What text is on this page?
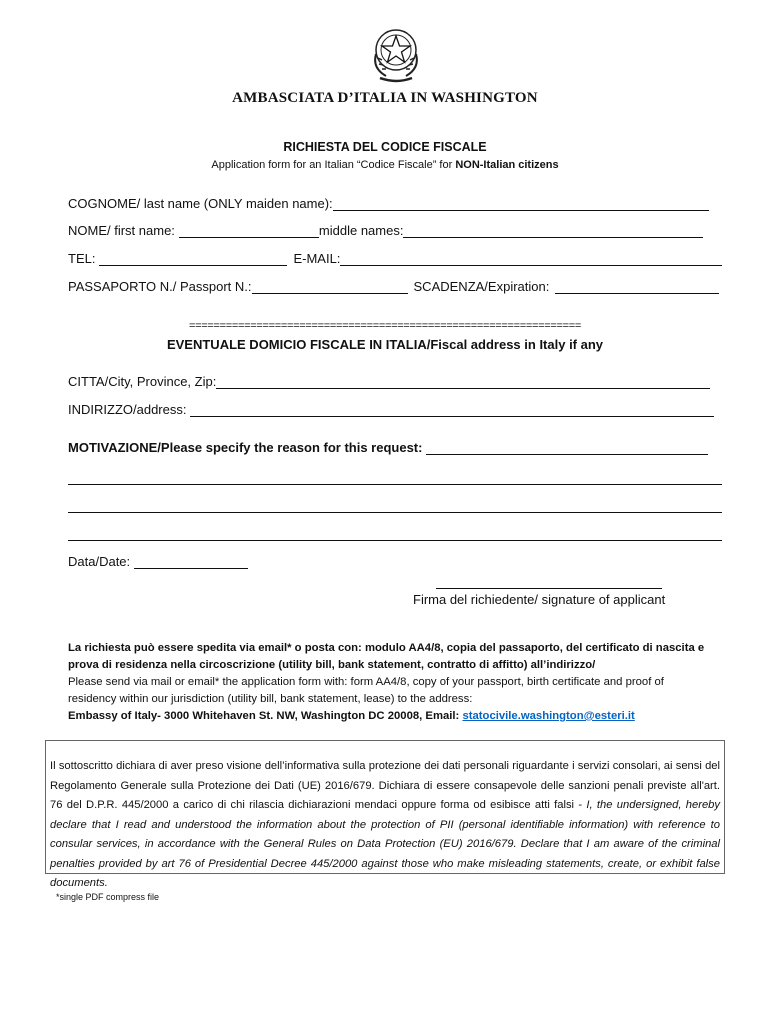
AMBASCIATA D’ITALIA IN WASHINGTON
RICHIESTA DEL CODICE FISCALE
Application form for an Italian “Codice Fiscale” for NON-Italian citizens
COGNOME/ last name (ONLY maiden name):
NOME/ first name:	middle names:
TEL:	E-MAIL:
PASSAPORTO N./ Passport N.:	SCADENZA/Expiration:
================================================================
EVENTUALE DOMICIO FISCALE IN ITALIA/Fiscal address in Italy if any
CITTA/City, Province, Zip:
INDIRIZZO/address:
MOTIVAZIONE/Please specify the reason for this request:
Data/Date:
Firma del richiedente/ signature of applicant
La richiesta può essere spedita via email* o posta con: modulo AA4/8, copia del passaporto, del certificato di nascita e prova di residenza nella circoscrizione (utility bill, bank statement, contratto di affitto) all’indirizzo/
Please send via mail or email* the application form with: form AA4/8, copy of your passport, birth certificate and proof of residency within our jurisdiction (utility bill, bank statement, lease) to the address:
Embassy of Italy- 3000 Whitehaven St. NW, Washington DC 20008, Email: statocivile.washington@esteri.it
Il sottoscritto dichiara di aver preso visione dell’informativa sulla protezione dei dati personali riguardante i servizi consolari, ai sensi del Regolamento Generale sulla Protezione dei Dati (UE) 2016/679. Dichiara di essere consapevole delle sanzioni penali previste all'art. 76 del D.P.R. 445/2000 a carico di chi rilascia dichiarazioni mendaci oppure forma od esibisce atti falsi - I, the undersigned, hereby declare that I read and understood the information about the protection of PII (personal identifiable information) with reference to consular services, in accordance with the General Rules on Data Protection (EU) 2016/679. Declare that I am aware of the criminal penalties provided by art 76 of Presidential Decree 445/2000 against those who make misleading statements, create, or exhibit false documents.
*single PDF compress file
